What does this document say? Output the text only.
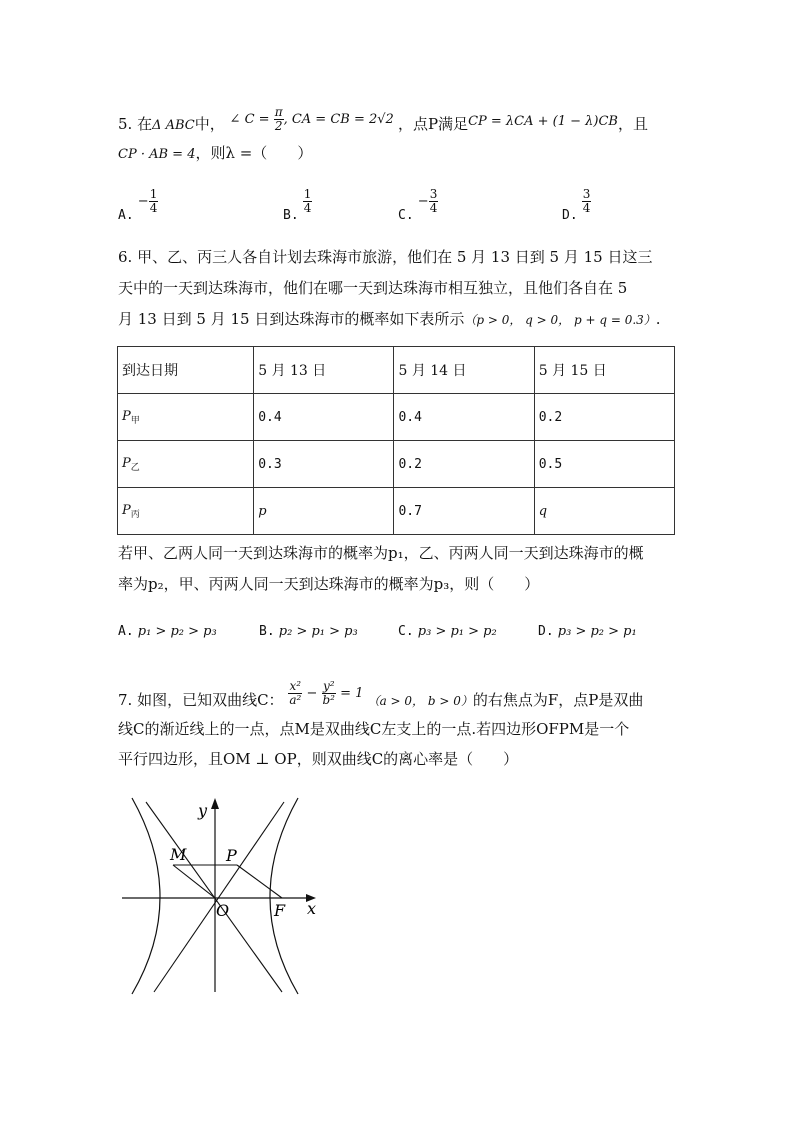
5. 在Δ ABC中， ∠ $C = \frac{\pi}{2}$ , CA = CB = 2√2 ，点P满足CP = λCA + (1 − λ)CB，且
CP · AB = 4，则λ =（　　）
A. − $\frac{1}{4}$
B.
$\frac{1}{4}$
C. − $\frac{3}{4}$
D.
$\frac{3}{4}$
6. 甲、乙、丙三人各自计划去珠海市旅游，他们在 5 月 13 日到 5 月 15 日这三
天中的一天到达珠海市，他们在哪一天到达珠海市相互独立，且他们各自在 5
月 13 日到 5 月 15 日到达珠海市的概率如下表所示（p > 0， q > 0， p + q = 0.3）.
到达日期	5 月 13 日	5 月 14 日	5 月 15 日
$P_甲$	0.4	0.4	0.2
$P_乙$	0.3	0.2	0.5
$P_丙$	p	0.7	q
若甲、乙两人同一天到达珠海市的概率为p₁，乙、丙两人同一天到达珠海市的概
率为p₂，甲、丙两人同一天到达珠海市的概率为p₃，则（　　）
A. p₁ > p₂ > p₃	B. p₂ > p₁ > p₃	C. p₃ > p₁ > p₂	D. p₃ > p₂ > p₁
7. 如图，已知双曲线C： $\frac{\text{x²}}{\text{a²}} - \frac{\text{y²}}{\text{b²}} = 1$ （a > 0， b > 0）的右焦点为F，点P是双曲
线C的渐近线上的一点，点M是双曲线C左支上的一点.若四边形OFPM是一个
平行四边形，且OM ⊥ OP，则双曲线C的离心率是（　　）
y
x
M P
O	F
